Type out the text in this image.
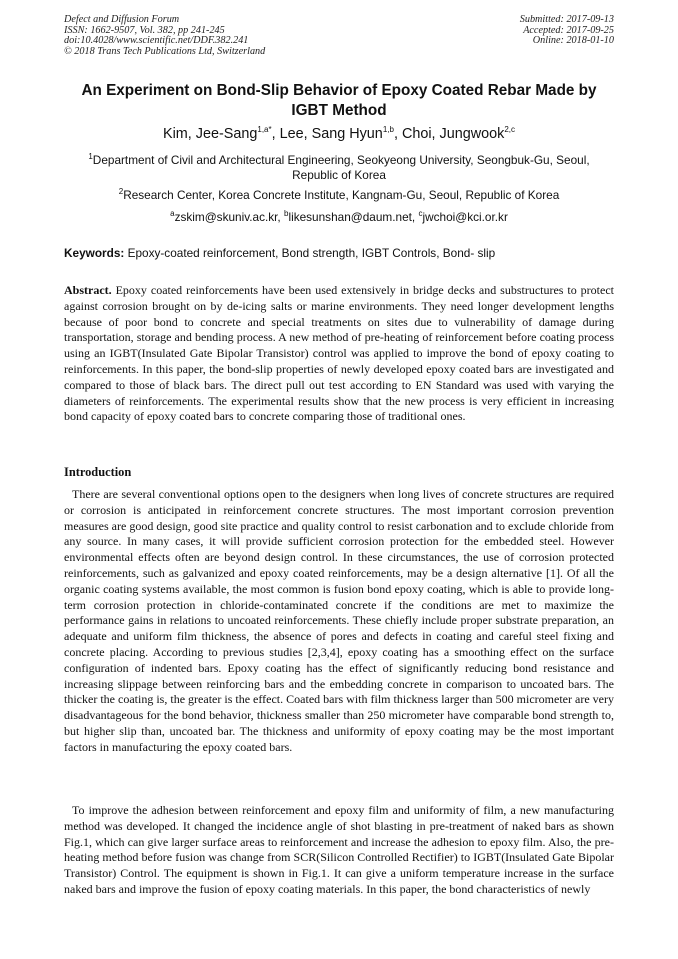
Defect and Diffusion Forum
ISSN: 1662-9507, Vol. 382, pp 241-245
doi:10.4028/www.scientific.net/DDF.382.241
© 2018 Trans Tech Publications Ltd, Switzerland
Submitted: 2017-09-13
Accepted: 2017-09-25
Online: 2018-01-10
An Experiment on Bond-Slip Behavior of Epoxy Coated Rebar Made by IGBT Method
Kim, Jee-Sang$^{1,a*}$, Lee, Sang Hyun$^{1,b}$, Choi, Jungwook$^{2,c}$
$^1$Department of Civil and Architectural Engineering, Seokyeong University, Seongbuk-Gu, Seoul, Republic of Korea
$^2$Research Center, Korea Concrete Institute, Kangnam-Gu, Seoul, Republic of Korea
$^a$zskim@skuniv.ac.kr, $^b$likesunshan@daum.net, $^c$jwchoi@kci.or.kr
Keywords: Epoxy-coated reinforcement, Bond strength, IGBT Controls, Bond- slip
Abstract. Epoxy coated reinforcements have been used extensively in bridge decks and substructures to protect against corrosion brought on by de-icing salts or marine environments. They need longer development lengths because of poor bond to concrete and special treatments on sites due to vulnerability of damage during transportation, storage and bending process. A new method of pre-heating of reinforcement before coating process using an IGBT(Insulated Gate Bipolar Transistor) control was applied to improve the bond of epoxy coating to reinforcements. In this paper, the bond-slip properties of newly developed epoxy coated bars are investigated and compared to those of black bars. The direct pull out test according to EN Standard was used with varying the diameters of reinforcements. The experimental results show that the new process is very efficient in increasing bond capacity of epoxy coated bars to concrete comparing those of traditional ones.
Introduction
There are several conventional options open to the designers when long lives of concrete structures are required or corrosion is anticipated in reinforcement concrete structures. The most important corrosion prevention measures are good design, good site practice and quality control to resist carbonation and to exclude chloride from any source. In many cases, it will provide sufficient corrosion protection for the embedded steel. However environmental effects often are beyond design control. In these circumstances, the use of corrosion protected reinforcements, such as galvanized and epoxy coated reinforcements, may be a design alternative [1]. Of all the organic coating systems available, the most common is fusion bond epoxy coating, which is able to provide long-term corrosion protection in chloride-contaminated concrete if the conditions are met to maximize the performance gains in relations to uncoated reinforcements. These chiefly include proper substrate preparation, an adequate and uniform film thickness, the absence of pores and defects in coating and careful steel fixing and concrete placing. According to previous studies [2,3,4], epoxy coating has a smoothing effect on the surface configuration of indented bars. Epoxy coating has the effect of significantly reducing bond resistance and increasing slippage between reinforcing bars and the embedding concrete in comparison to uncoated bars. The thicker the coating is, the greater is the effect. Coated bars with film thickness larger than 500 micrometer are very disadvantageous for the bond behavior, thickness smaller than 250 micrometer have comparable bond strength to, but higher slip than, uncoated bar. The thickness and uniformity of epoxy coating may be the most important factors in manufacturing the epoxy coated bars.
To improve the adhesion between reinforcement and epoxy film and uniformity of film, a new manufacturing method was developed. It changed the incidence angle of shot blasting in pre-treatment of naked bars as shown Fig.1, which can give larger surface areas to reinforcement and increase the adhesion to epoxy film. Also, the pre-heating method before fusion was change from SCR(Silicon Controlled Rectifier) to IGBT(Insulated Gate Bipolar Transistor) Control. The equipment is shown in Fig.1. It can give a uniform temperature increase in the surface naked bars and improve the fusion of epoxy coating materials. In this paper, the bond characteristics of newly
